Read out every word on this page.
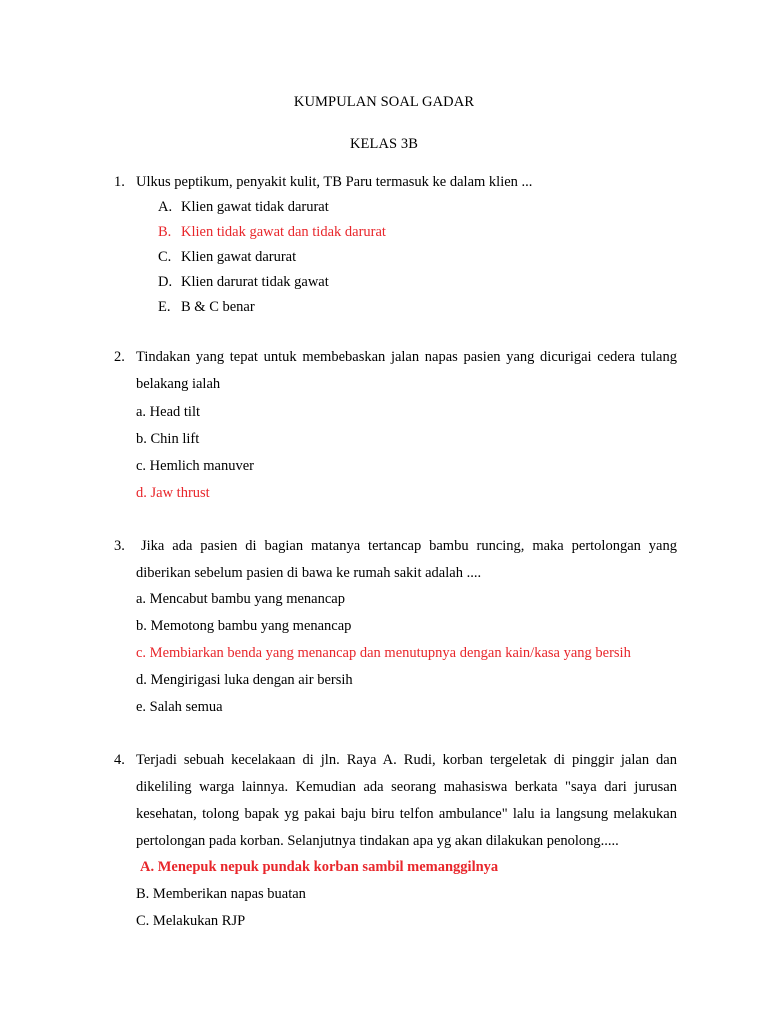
KUMPULAN SOAL GADAR
KELAS 3B
1. Ulkus peptikum, penyakit kulit, TB Paru termasuk ke dalam klien ...
A. Klien gawat tidak darurat
B. Klien tidak gawat dan tidak darurat
C. Klien gawat darurat
D. Klien darurat tidak gawat
E. B & C benar
2. Tindakan yang tepat untuk membebaskan jalan napas pasien yang dicurigai cedera tulang belakang ialah
a. Head tilt
b. Chin lift
c. Hemlich manuver
d. Jaw thrust
3.	Jika ada pasien di bagian matanya tertancap bambu runcing, maka pertolongan yang diberikan sebelum pasien di bawa ke rumah sakit adalah ....
a. Mencabut bambu yang menancap
b. Memotong bambu yang menancap
c. Membiarkan benda yang menancap dan menutupnya dengan kain/kasa yang bersih
d. Mengirigasi luka dengan air bersih
e. Salah semua
4. Terjadi sebuah kecelakaan di jln. Raya A. Rudi, korban tergeletak di pinggir jalan dan dikeliling warga lainnya. Kemudian ada seorang mahasiswa berkata "saya dari jurusan kesehatan, tolong bapak yg pakai baju biru telfon ambulance" lalu ia langsung melakukan pertolongan pada korban. Selanjutnya tindakan apa yg akan dilakukan penolong.....
A. Menepuk nepuk pundak korban sambil memanggilnya
B. Memberikan napas buatan
C. Melakukan RJP
